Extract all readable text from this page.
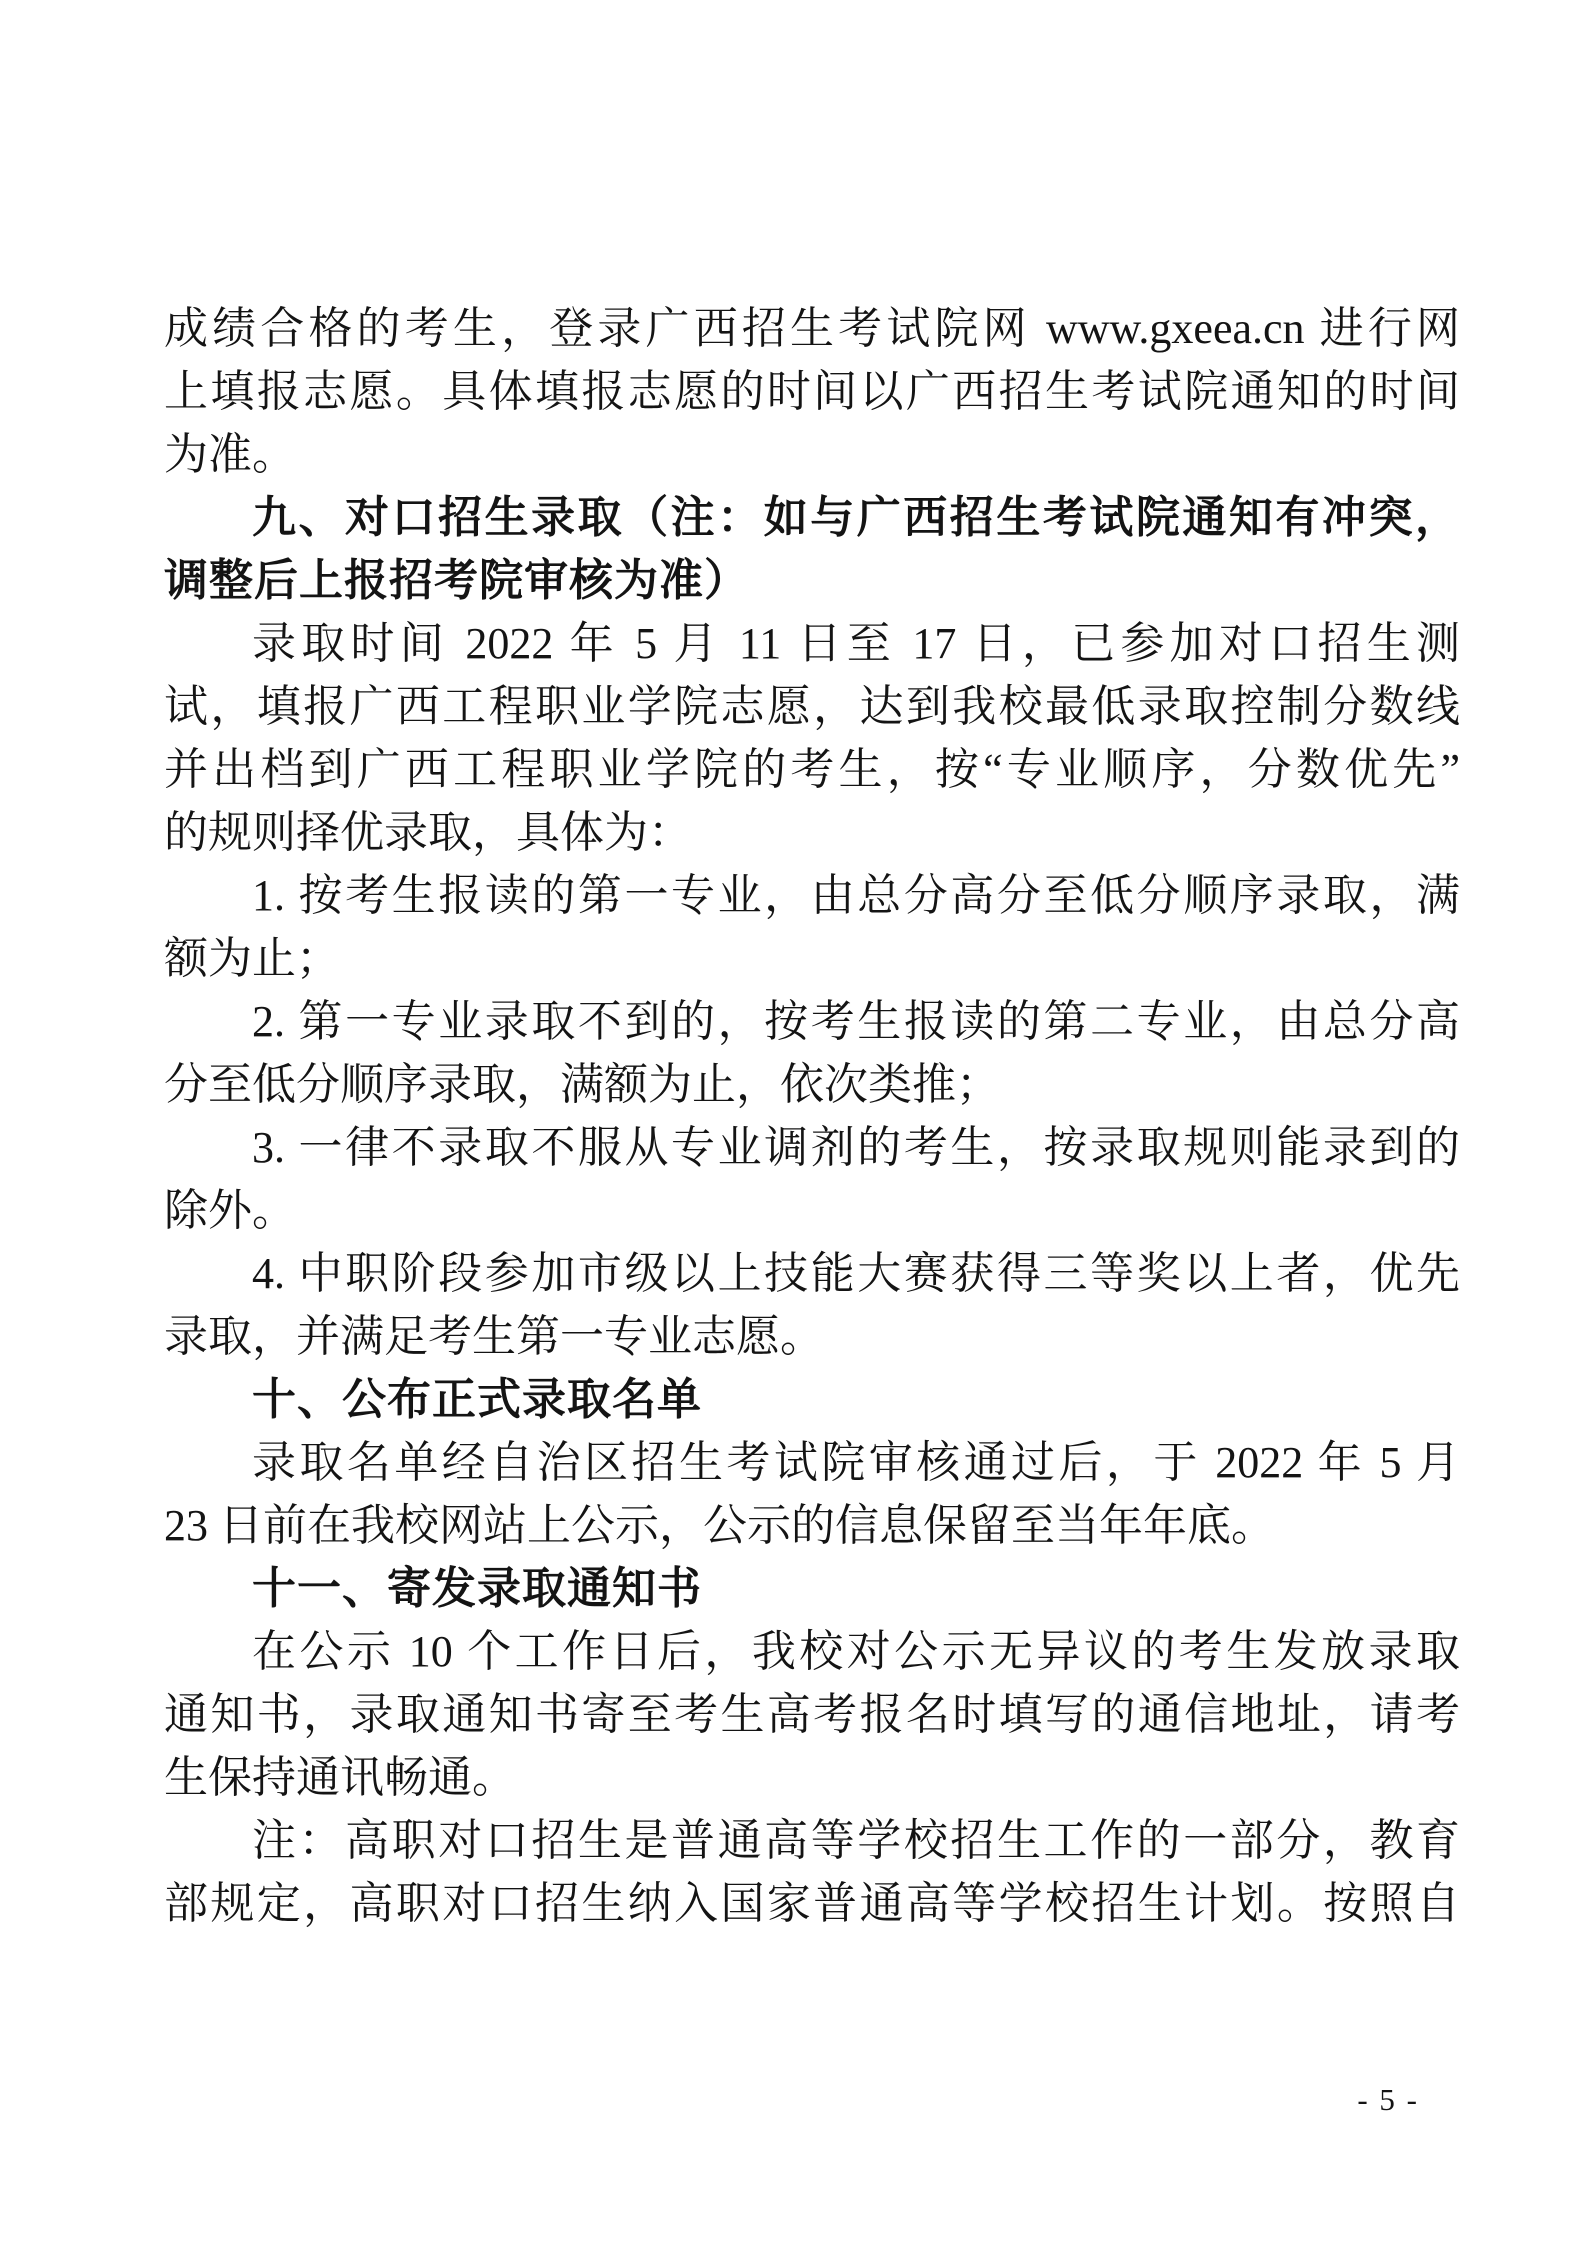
成绩合格的考生，登录广西招生考试院网 www.gxeea.cn 进行网
上填报志愿。具体填报志愿的时间以广西招生考试院通知的时间
为准。
九、对口招生录取（注：如与广西招生考试院通知有冲突，
调整后上报招考院审核为准）
录取时间 2022 年 5 月 11 日至 17 日，已参加对口招生测
试，填报广西工程职业学院志愿，达到我校最低录取控制分数线
并出档到广西工程职业学院的考生，按“专业顺序，分数优先”
的规则择优录取，具体为：
1. 按考生报读的第一专业，由总分高分至低分顺序录取，满
额为止；
2. 第一专业录取不到的，按考生报读的第二专业，由总分高
分至低分顺序录取，满额为止，依次类推；
3. 一律不录取不服从专业调剂的考生，按录取规则能录到的
除外。
4. 中职阶段参加市级以上技能大赛获得三等奖以上者，优先
录取，并满足考生第一专业志愿。
十、公布正式录取名单
录取名单经自治区招生考试院审核通过后，于 2022 年 5 月
23 日前在我校网站上公示，公示的信息保留至当年年底。
十一、寄发录取通知书
在公示 10 个工作日后，我校对公示无异议的考生发放录取
通知书，录取通知书寄至考生高考报名时填写的通信地址，请考
生保持通讯畅通。
注：高职对口招生是普通高等学校招生工作的一部分，教育
部规定，高职对口招生纳入国家普通高等学校招生计划。按照自
- 5 -
